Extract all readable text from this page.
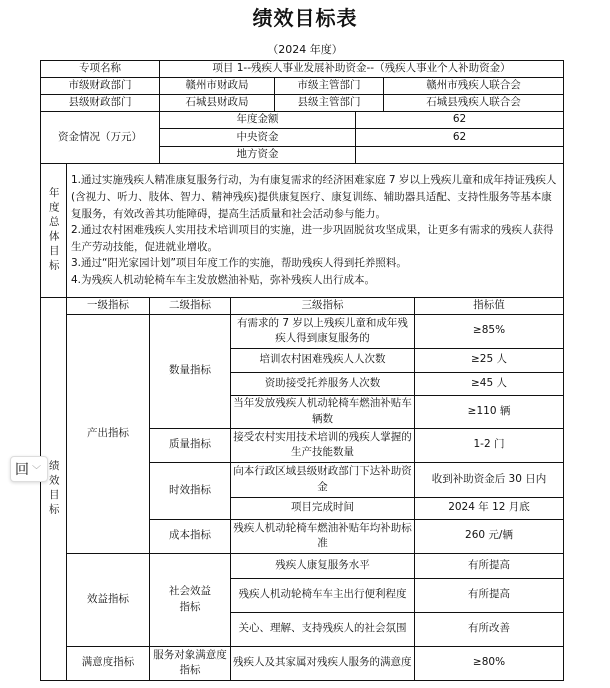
绩效目标表
（2024 年度）
专项名称	项目 1--残疾人事业发展补助资金--（残疾人事业个人补助资金）		
市级财政部门	赣州市财政局	市级主管部门	赣州市残疾人联合会
县级财政部门	石城县财政局	县级主管部门	石城县残疾人联合会
资金情况（万元）	年度金额	62
	中央资金	62
	地方资金	
年度总体目标	
1.通过实施残疾人精准康复服务行动，为有康复需求的经济困难家庭 7 岁以上残疾儿童和成年持证残疾人(含视力、听力、肢体、智力、精神残疾)提供康复医疗、康复训练、辅助器具适配、支持性服务等基本康复服务，有效改善其功能障碍，提高生活质量和社会活动参与能力。
2.通过农村困难残疾人实用技术培训项目的实施，进一步巩固脱贫攻坚成果，让更多有需求的残疾人获得生产劳动技能，促进就业增收。
3.通过“阳光家园计划”项目年度工作的实施，帮助残疾人得到托养照料。
4.为残疾人机动轮椅车车主发放燃油补贴，弥补残疾人出行成本。
绩效目标	一级指标	二级指标	三级指标	指标值
	产出指标	数量指标	有需求的 7 岁以上残疾儿童和成年残疾人得到康复服务的	≥85%
			培训农村困难残疾人人次数	≥25 人
			资助接受托养服务人次数	≥45 人
			当年发放残疾人机动轮椅车燃油补贴车辆数	≥110 辆
		质量指标	接受农村实用技术培训的残疾人掌握的生产技能数量	1-2 门
		时效指标	向本行政区域县级财政部门下达补助资金	收到补助资金后 30 日内
			项目完成时间	2024 年 12 月底
		成本指标	残疾人机动轮椅车燃油补贴年均补助标准	260 元/辆
	效益指标	社会效益指标	残疾人康复服务水平	有所提高
			残疾人机动轮椅车车主出行便利程度	有所提高
			关心、理解、支持残疾人的社会氛围	有所改善
	满意度指标	服务对象满意度指标	残疾人及其家属对残疾人服务的满意度	≥80%
回 ﹀
